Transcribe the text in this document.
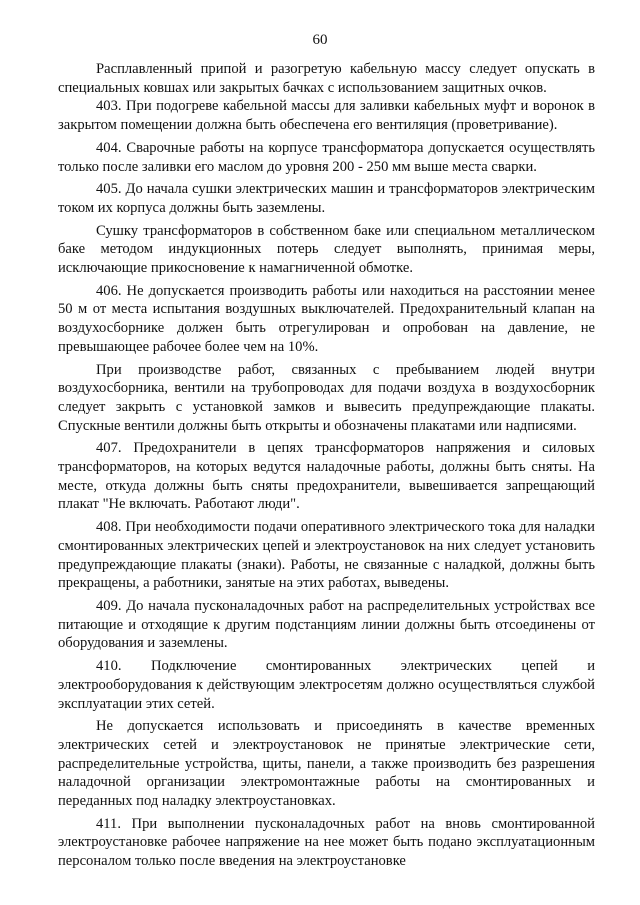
60

Расплавленный припой и разогретую кабельную массу следует опускать в специальных ковшах или закрытых бачках с использованием защитных очков.

403. При подогреве кабельной массы для заливки кабельных муфт и воронок в закрытом помещении должна быть обеспечена его вентиляция (проветривание).

404. Сварочные работы на корпусе трансформатора допускается осуществлять только после заливки его маслом до уровня 200 - 250 мм выше места сварки.

405. До начала сушки электрических машин и трансформаторов электрическим током их корпуса должны быть заземлены.

Сушку трансформаторов в собственном баке или специальном металлическом баке методом индукционных потерь следует выполнять, принимая меры, исключающие прикосновение к намагниченной обмотке.

406. Не допускается производить работы или находиться на расстоянии менее 50 м от места испытания воздушных выключателей. Предохранительный клапан на воздухосборнике должен быть отрегулирован и опробован на давление, не превышающее рабочее более чем на 10%.

При производстве работ, связанных с пребыванием людей внутри воздухосборника, вентили на трубопроводах для подачи воздуха в воздухосборник следует закрыть с установкой замков и вывесить предупреждающие плакаты. Спускные вентили должны быть открыты и обозначены плакатами или надписями.

407. Предохранители в цепях трансформаторов напряжения и силовых трансформаторов, на которых ведутся наладочные работы, должны быть сняты. На месте, откуда должны быть сняты предохранители, вывешивается запрещающий плакат "Не включать. Работают люди".

408. При необходимости подачи оперативного электрического тока для наладки смонтированных электрических цепей и электроустановок на них следует установить предупреждающие плакаты (знаки). Работы, не связанные с наладкой, должны быть прекращены, а работники, занятые на этих работах, выведены.

409. До начала пусконаладочных работ на распределительных устройствах все питающие и отходящие к другим подстанциям линии должны быть отсоединены от оборудования и заземлены.

410. Подключение смонтированных электрических цепей и электрооборудования к действующим электросетям должно осуществляться службой эксплуатации этих сетей.

Не допускается использовать и присоединять в качестве временных электрических сетей и электроустановок не принятые электрические сети, распределительные устройства, щиты, панели, а также производить без разрешения наладочной организации электромонтажные работы на смонтированных и переданных под наладку электроустановках.

411. При выполнении пусконаладочных работ на вновь смонтированной электроустановке рабочее напряжение на нее может быть подано эксплуатационным персоналом только после введения на электроустановке
